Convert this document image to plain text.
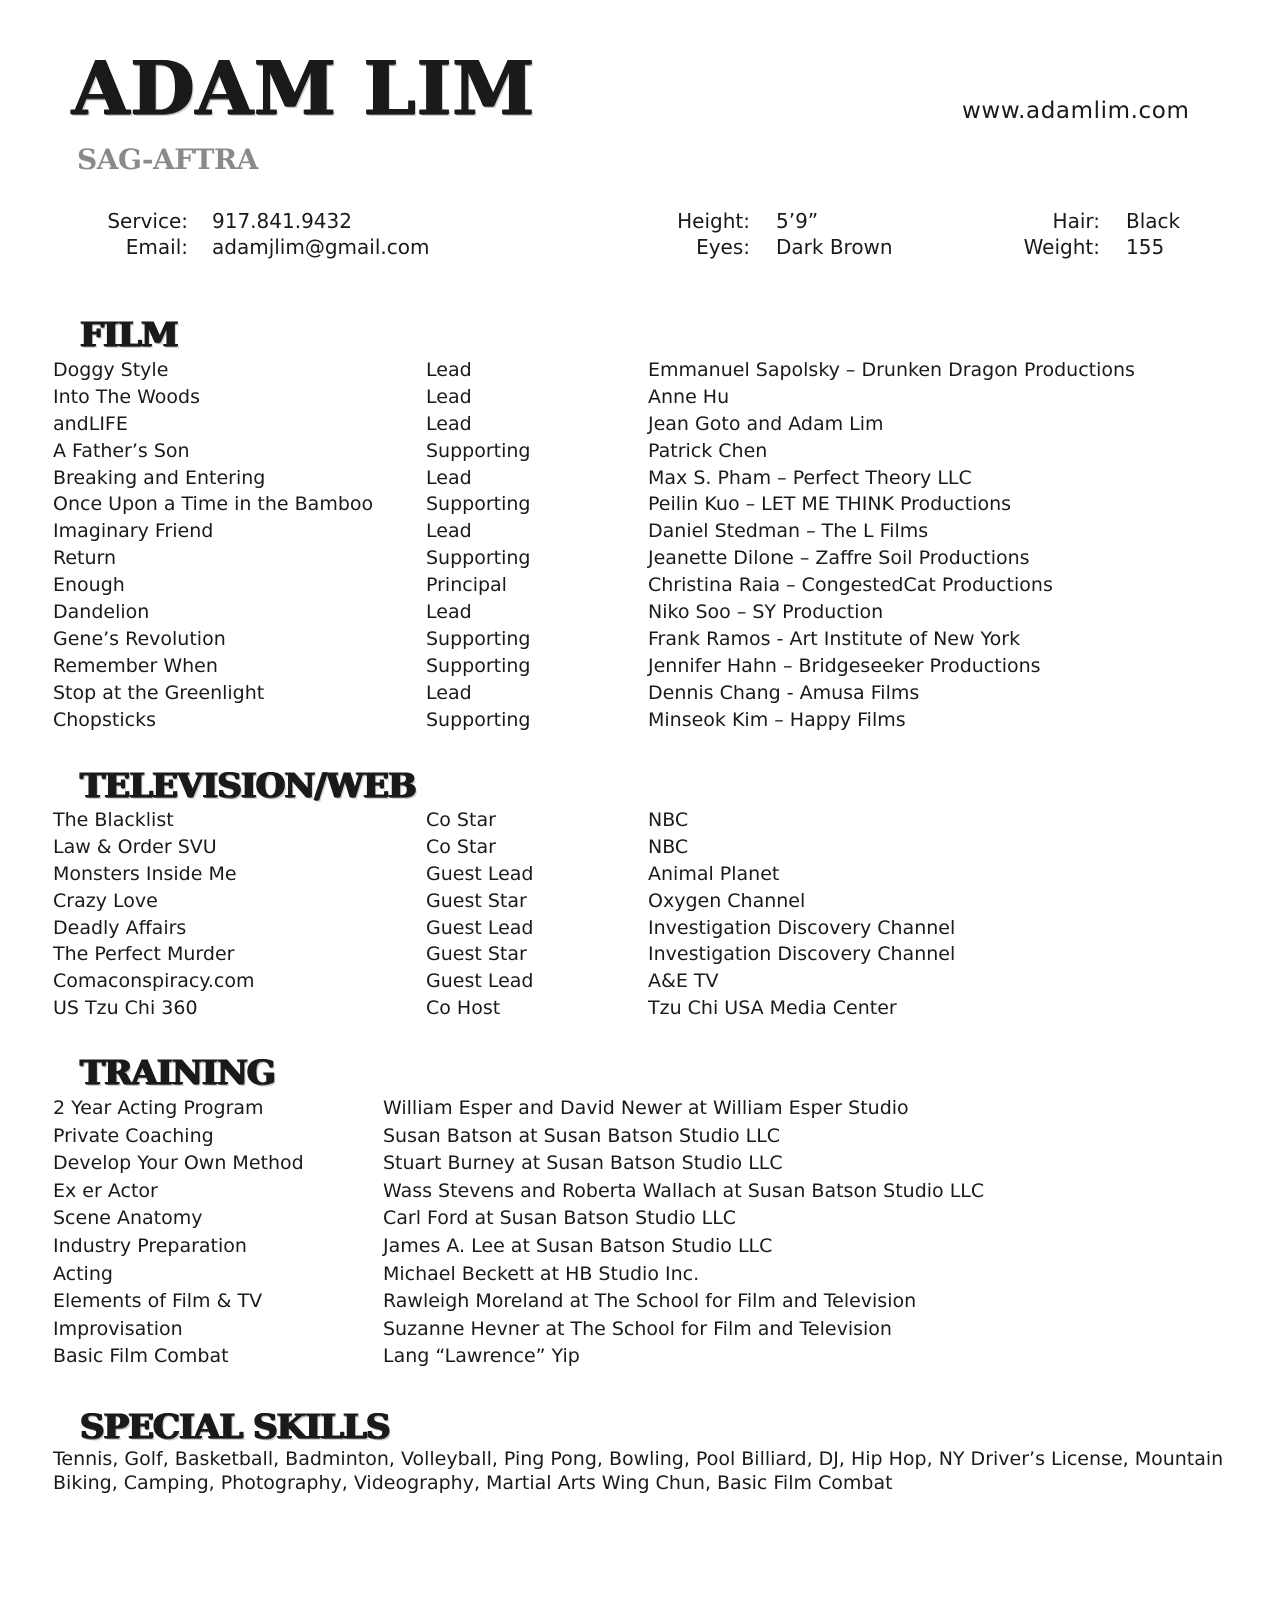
ADAM LIM
SAG-AFTRA
www.adamlim.com
Service: 917.841.9432
Email: adamjlim@gmail.com
Height: 5’9”
Eyes: Dark Brown
Hair: Black
Weight: 155
FILM
Doggy Style	Lead	Emmanuel Sapolsky – Drunken Dragon Productions
Into The Woods	Lead	Anne Hu
andLIFE	Lead	Jean Goto and Adam Lim
A Father’s Son	Supporting	Patrick Chen
Breaking and Entering	Lead	Max S. Pham – Perfect Theory LLC
Once Upon a Time in the Bamboo	Supporting	Peilin Kuo – LET ME THINK Productions
Imaginary Friend	Lead	Daniel Stedman – The L Films
Return	Supporting	Jeanette Dilone – Zaffre Soil Productions
Enough	Principal	Christina Raia – CongestedCat Productions
Dandelion	Lead	Niko Soo – SY Production
Gene’s Revolution	Supporting	Frank Ramos - Art Institute of New York
Remember When	Supporting	Jennifer Hahn – Bridgeseeker Productions
Stop at the Greenlight	Lead	Dennis Chang - Amusa Films
Chopsticks	Supporting	Minseok Kim – Happy Films
TELEVISION/WEB
The Blacklist	Co Star	NBC
Law & Order SVU	Co Star	NBC
Monsters Inside Me	Guest Lead	Animal Planet
Crazy Love	Guest Star	Oxygen Channel
Deadly Affairs	Guest Lead	Investigation Discovery Channel
The Perfect Murder	Guest Star	Investigation Discovery Channel
Comaconspiracy.com	Guest Lead	A&E TV
US Tzu Chi 360	Co Host	Tzu Chi USA Media Center
TRAINING
2 Year Acting Program	William Esper and David Newer at William Esper Studio
Private Coaching	Susan Batson at Susan Batson Studio LLC
Develop Your Own Method	Stuart Burney at Susan Batson Studio LLC
Ex er Actor	Wass Stevens and Roberta Wallach at Susan Batson Studio LLC
Scene Anatomy	Carl Ford at Susan Batson Studio LLC
Industry Preparation	James A. Lee at Susan Batson Studio LLC
Acting	Michael Beckett at HB Studio Inc.
Elements of Film & TV	Rawleigh Moreland at The School for Film and Television
Improvisation	Suzanne Hevner at The School for Film and Television
Basic Film Combat	Lang “Lawrence” Yip
SPECIAL SKILLS
Tennis, Golf, Basketball, Badminton, Volleyball, Ping Pong, Bowling, Pool Billiard, DJ, Hip Hop, NY Driver’s License, Mountain Biking, Camping, Photography, Videography, Martial Arts Wing Chun, Basic Film Combat
